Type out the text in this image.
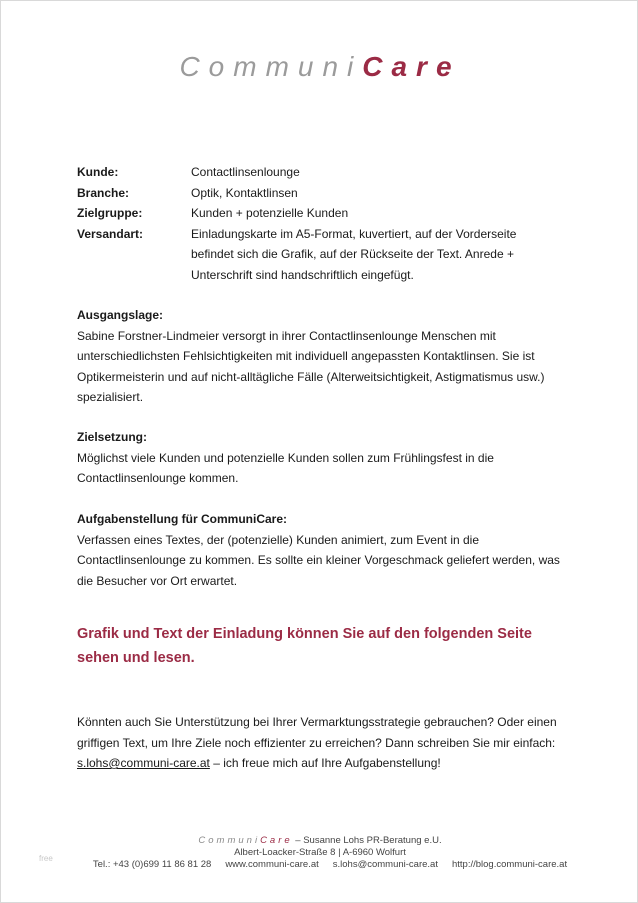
CommuniCare
Kunde:	Contactlinsenlounge
Branche:	Optik, Kontaktlinsen
Zielgruppe:	Kunden + potenzielle Kunden
Versandart:	Einladungskarte im A5-Format, kuvertiert, auf der Vorderseite befindet sich die Grafik, auf der Rückseite der Text. Anrede + Unterschrift sind handschriftlich eingefügt.
Ausgangslage:
Sabine Forstner-Lindmeier versorgt in ihrer Contactlinsenlounge Menschen mit unterschiedlichsten Fehlsichtigkeiten mit individuell angepassten Kontaktlinsen. Sie ist Optikermeisterin und auf nicht-alltägliche Fälle (Alterweitsichtigkeit, Astigmatismus usw.) spezialisiert.
Zielsetzung:
Möglichst viele Kunden und potenzielle Kunden sollen zum Frühlingsfest in die Contactlinsenlounge kommen.
Aufgabenstellung für CommuniCare:
Verfassen eines Textes, der (potenzielle) Kunden animiert, zum Event in die Contactlinsenlounge zu kommen. Es sollte ein kleiner Vorgeschmack geliefert werden, was die Besucher vor Ort erwartet.
Grafik und Text der Einladung können Sie auf den folgenden Seite sehen und lesen.
Könnten auch Sie Unterstützung bei Ihrer Vermarktungsstrategie gebrauchen? Oder einen griffigen Text, um Ihre Ziele noch effizienter zu erreichen? Dann schreiben Sie mir einfach:
s.lohs@communi-care.at – ich freue mich auf Ihre Aufgabenstellung!
CommuniCare – Susanne Lohs PR-Beratung e.U.
Albert-Loacker-Straße 8 | A-6960 Wolfurt
Tel.: +43 (0)699 11 86 81 28 www.communi-care.at s.lohs@communi-care.at http://blog.communi-care.at
free
